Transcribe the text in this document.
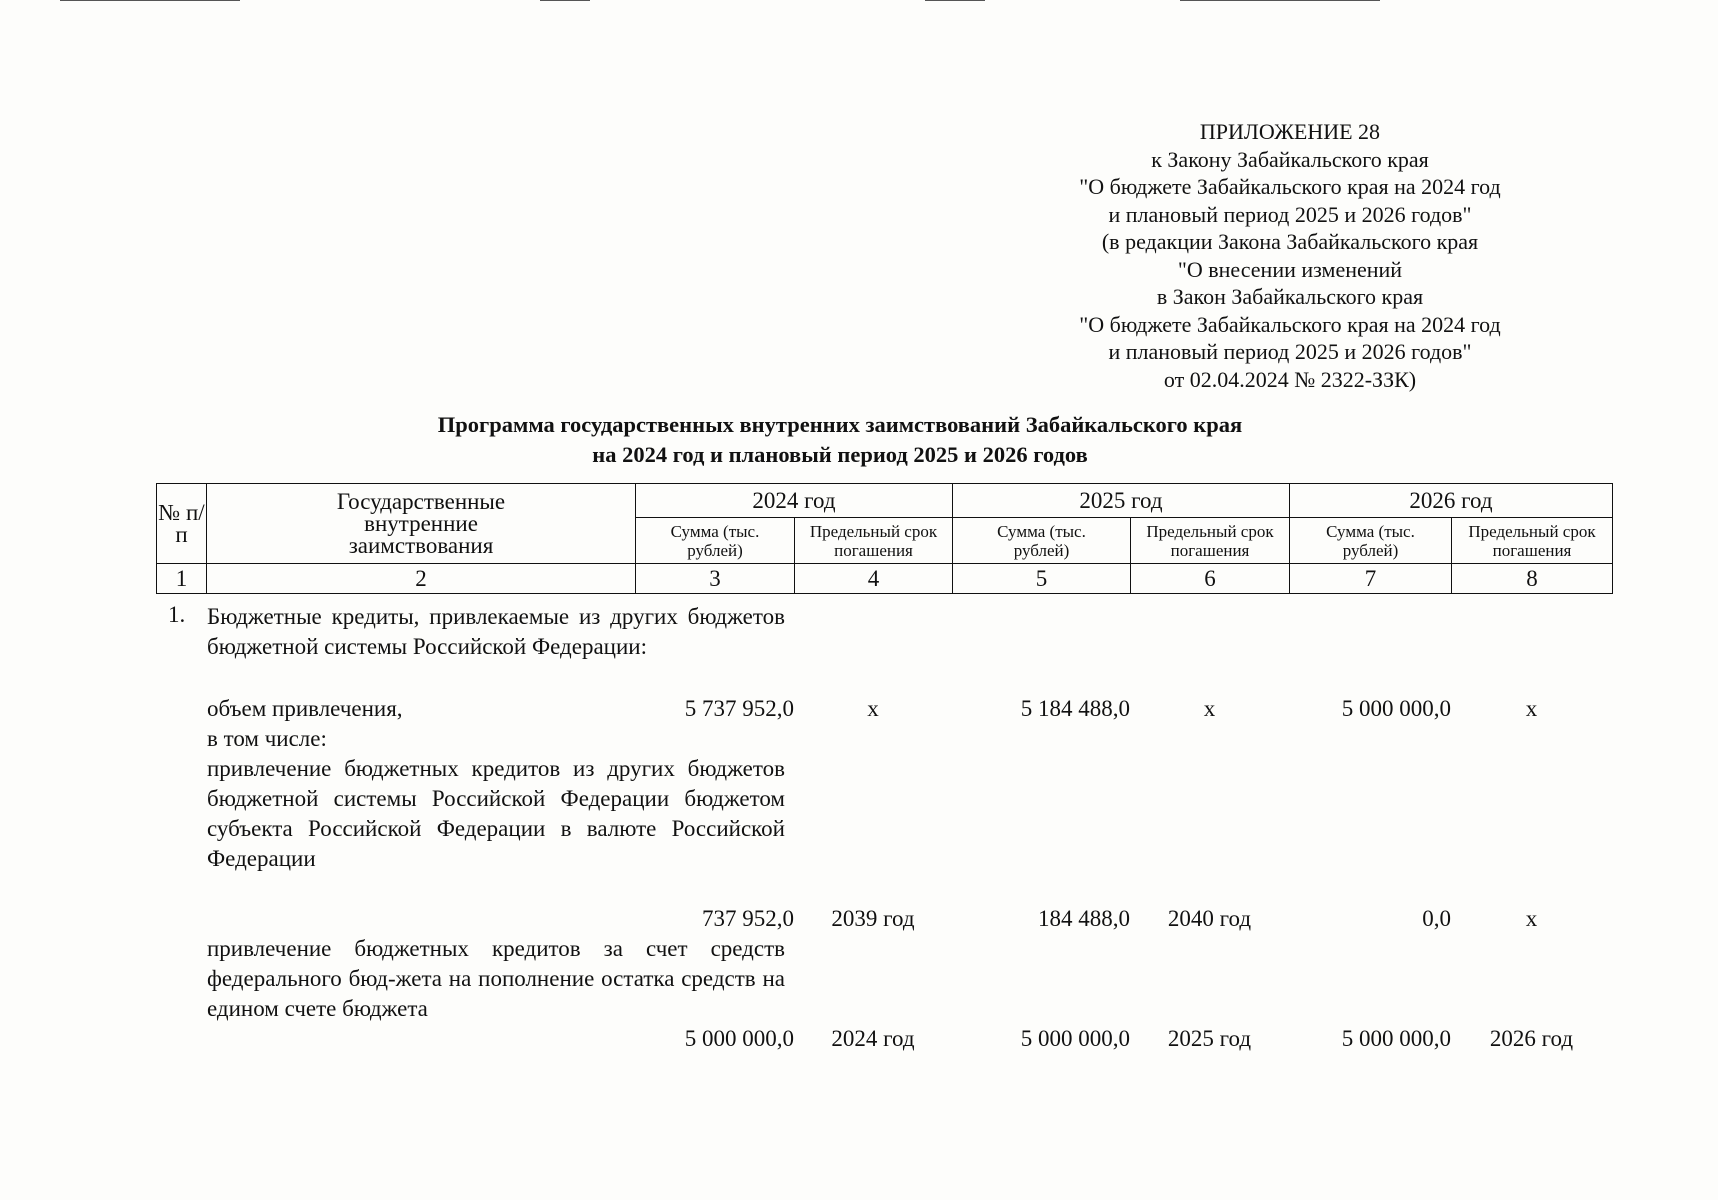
ПРИЛОЖЕНИЕ 28
к Закону Забайкальского края
"О бюджете Забайкальского края на 2024 год
и плановый период 2025 и 2026 годов"
(в редакции Закона Забайкальского края
"О внесении изменений
в Закон Забайкальского края
"О бюджете Забайкальского края на 2024 год
и плановый период 2025 и 2026 годов"
от 02.04.2024 № 2322-ЗЗК)
Программа государственных внутренних заимствований Забайкальского края
на 2024 год и плановый период 2025 и 2026 годов
№ п/п	Государственные внутренние заимствования	2024 год		2025 год		2026 год	
		Сумма (тыс. рублей)	Предельный срок погашения	Сумма (тыс. рублей)	Предельный срок погашения	Сумма (тыс. рублей)	Предельный срок погашения
1	2	3	4	5	6	7	8
1. Бюджетные кредиты, привлекаемые из других бюджетов бюджетной системы Российской Федерации:
объем привлечения,	5 737 952,0	х	5 184 488,0	х	5 000 000,0	х
в том числе:
привлечение бюджетных кредитов из других бюджетов бюджетной системы Российской Федерации бюджетом субъекта Российской Федерации в валюте Российской Федерации
737 952,0	2039 год	184 488,0	2040 год	0,0	х
привлечение бюджетных кредитов за счет средств федерального бюд-жета на пополнение остатка средств на едином счете бюджета
5 000 000,0	2024 год	5 000 000,0	2025 год	5 000 000,0	2026 год
